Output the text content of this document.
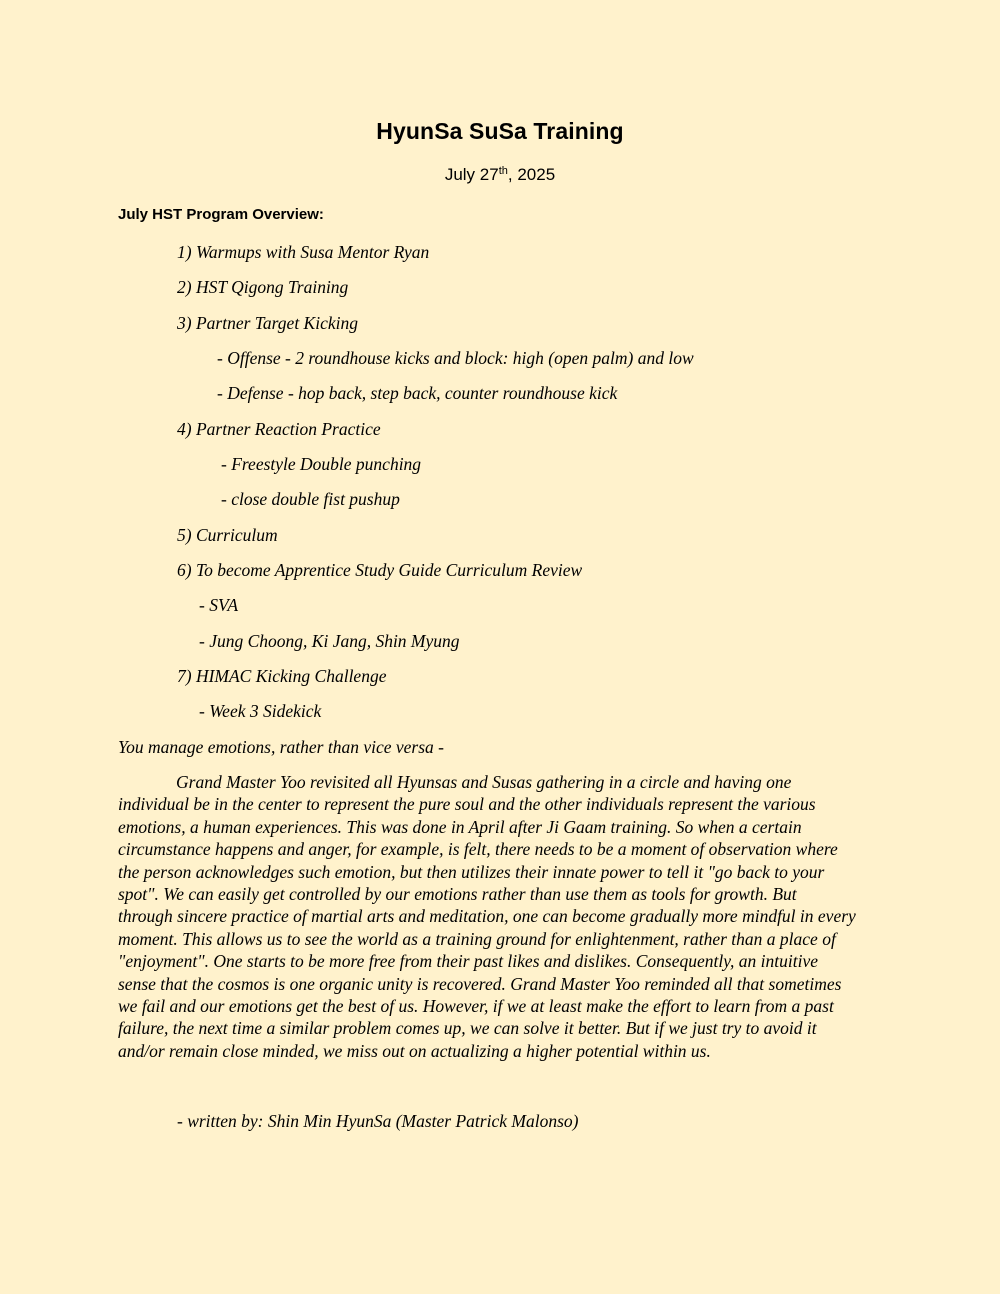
HyunSa SuSa Training
July 27th, 2025
July HST Program Overview:
1) Warmups with Susa Mentor Ryan
2) HST Qigong Training
3) Partner Target Kicking
- Offense - 2 roundhouse kicks and block: high (open palm) and low
- Defense - hop back, step back, counter roundhouse kick
4) Partner Reaction Practice
- Freestyle Double punching
- close double fist pushup
5) Curriculum
6) To become Apprentice Study Guide Curriculum Review
- SVA
- Jung Choong, Ki Jang, Shin Myung
7) HIMAC Kicking Challenge
- Week 3 Sidekick
You manage emotions, rather than vice versa -
Grand Master Yoo revisited all Hyunsas and Susas gathering in a circle and having one
individual be in the center to represent the pure soul and the other individuals represent the various
emotions, a human experiences. This was done in April after Ji Gaam training. So when a certain
circumstance happens and anger, for example, is felt, there needs to be a moment of observation where
the person acknowledges such emotion, but then utilizes their innate power to tell it "go back to your
spot". We can easily get controlled by our emotions rather than use them as tools for growth. But
through sincere practice of martial arts and meditation, one can become gradually more mindful in every
moment. This allows us to see the world as a training ground for enlightenment, rather than a place of
"enjoyment". One starts to be more free from their past likes and dislikes. Consequently, an intuitive
sense that the cosmos is one organic unity is recovered. Grand Master Yoo reminded all that sometimes
we fail and our emotions get the best of us. However, if we at least make the effort to learn from a past
failure, the next time a similar problem comes up, we can solve it better. But if we just try to avoid it
and/or remain close minded, we miss out on actualizing a higher potential within us.
- written by: Shin Min HyunSa (Master Patrick Malonso)
